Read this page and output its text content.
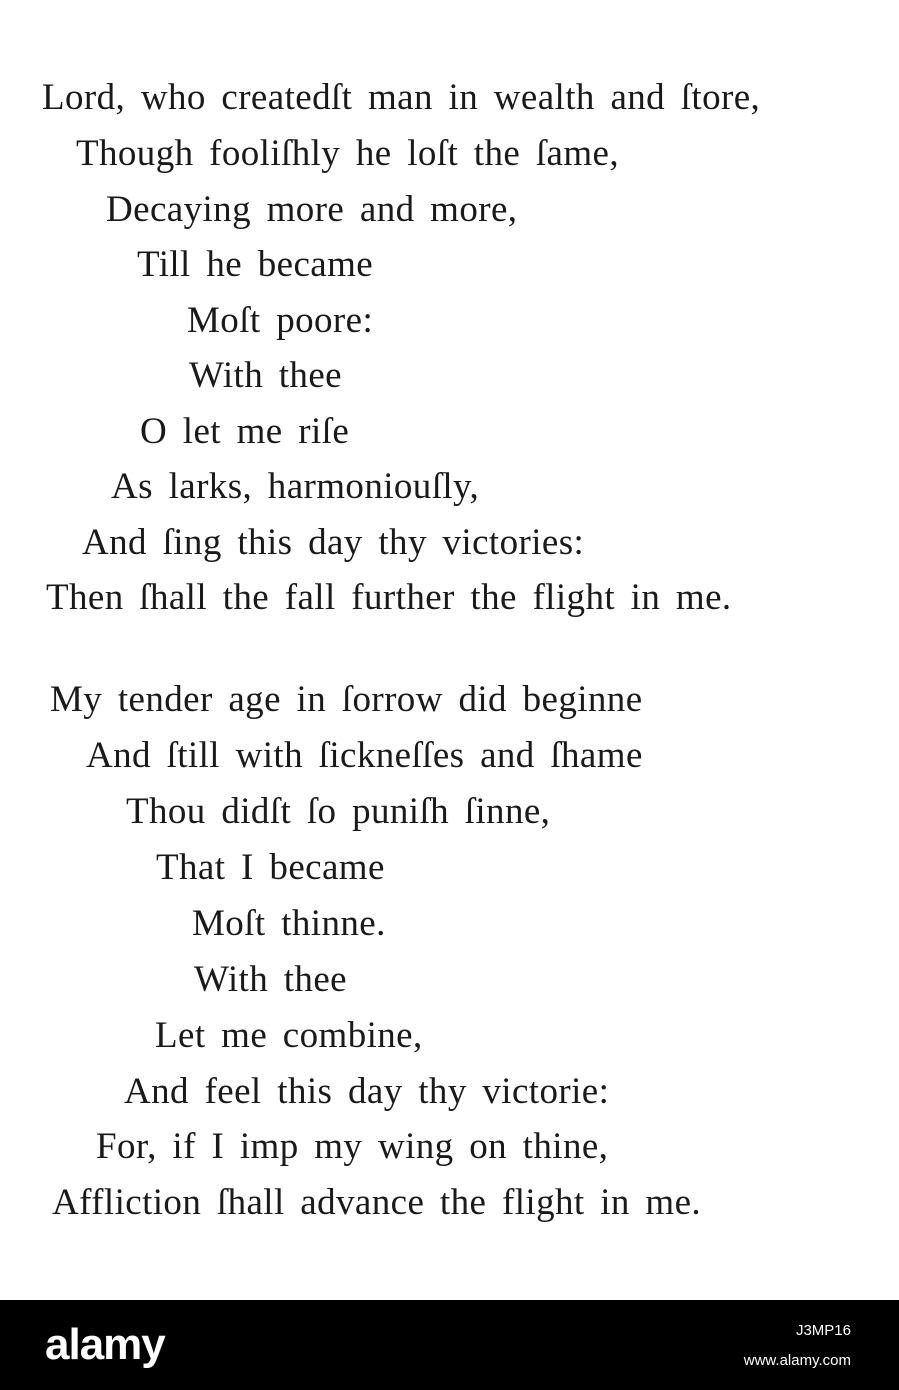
Lord, who createdſt man in wealth and ſtore,
Though fooliſhly he loſt the ſame,
Decaying more and more,
Till he became
Moſt poore:
With thee
O let me riſe
As larks, harmoniouſly,
And ſing this day thy victories:
Then ſhall the fall further the flight in me.
My tender age in ſorrow did beginne
And ſtill with ſickneſſes and ſhame
Thou didſt ſo puniſh ſinne,
That I became
Moſt thinne.
With thee
Let me combine,
And feel this day thy victorie:
For, if I imp my wing on thine,
Affliction ſhall advance the flight in me.
alamy	J3MP16
www.alamy.com
